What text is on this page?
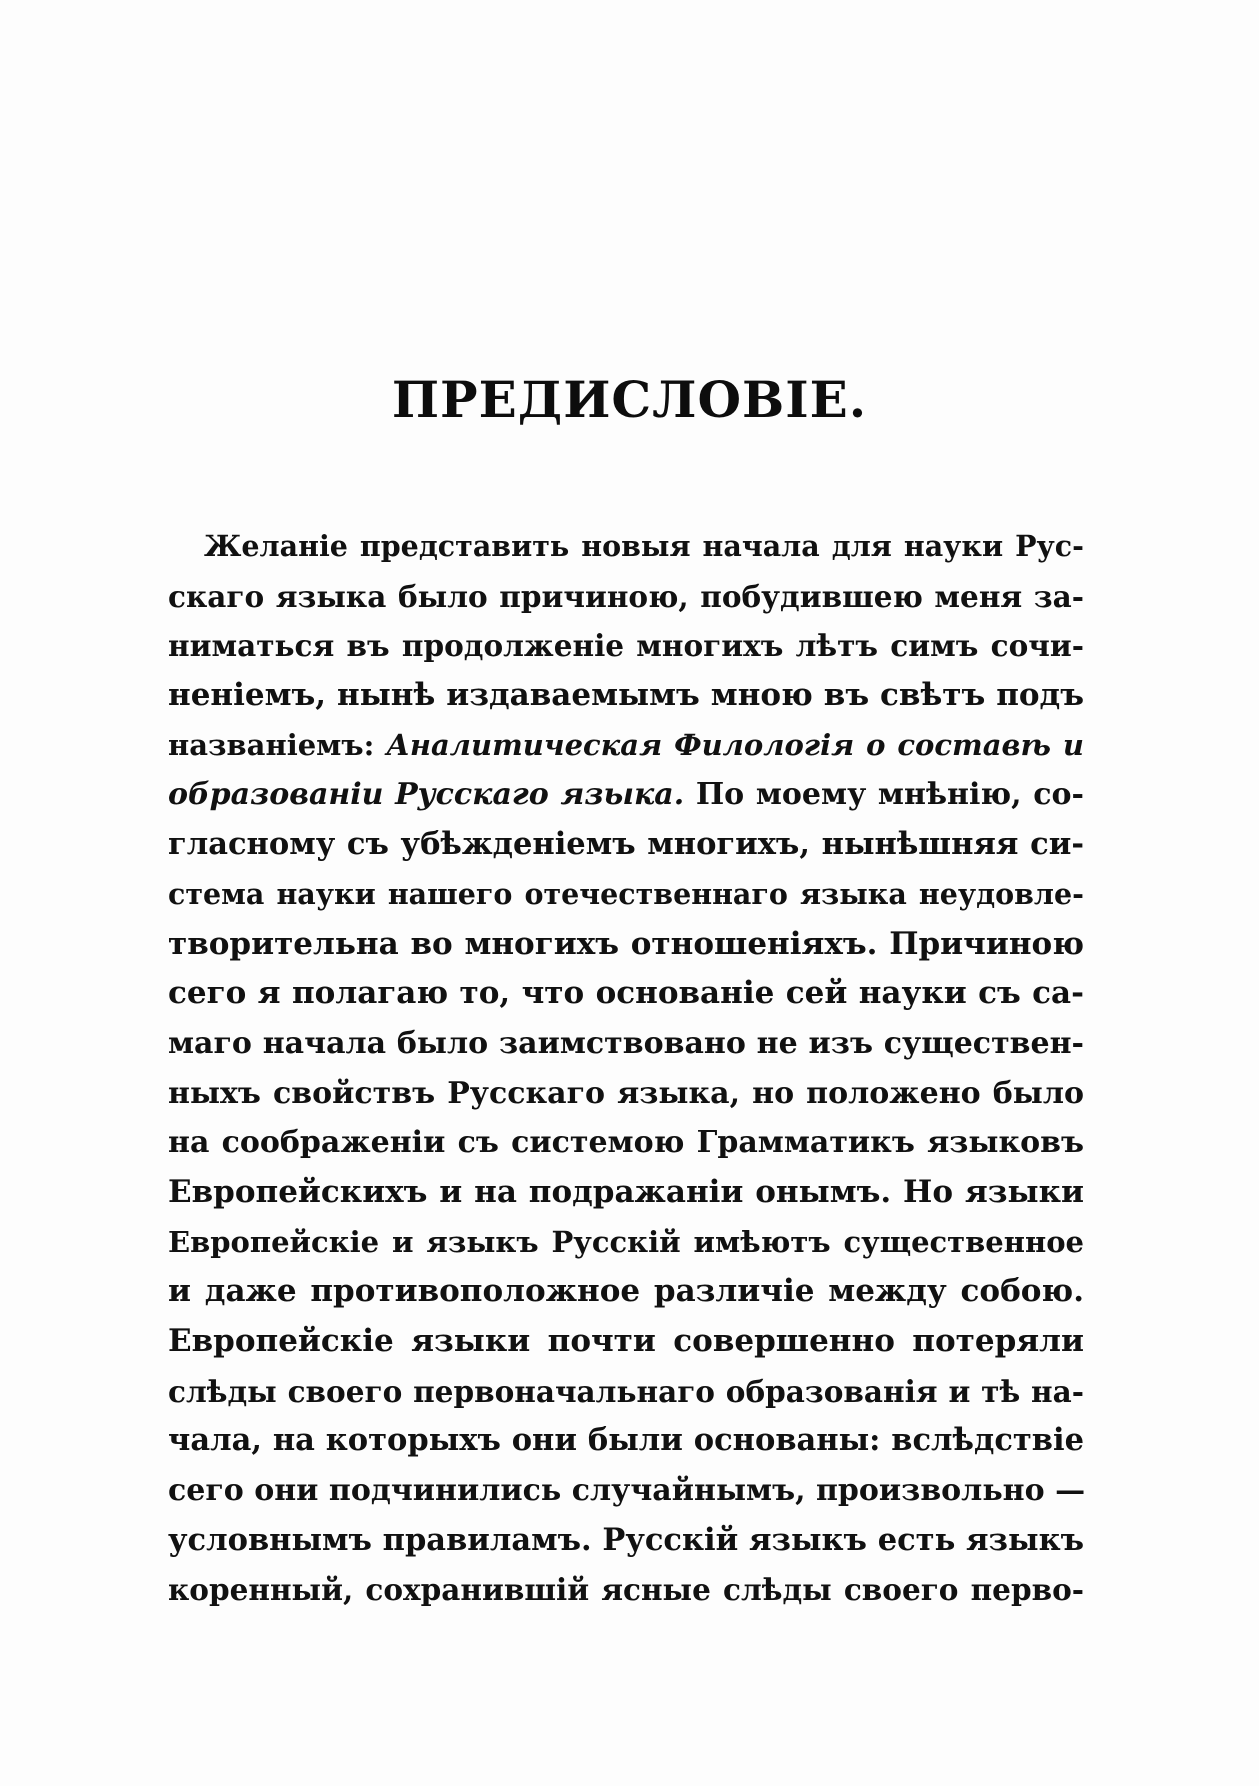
ПРЕДИСЛОВІЕ.
Желаніе представить новыя начала для науки Рус-
скаго языка было причиною, побудившею меня за-
ниматься въ продолженіе многихъ лѣтъ симъ сочи-
неніемъ, нынѣ издаваемымъ мною въ свѣтъ подъ
названіемъ: Аналитическая Филологія о составѣ и
образованіи Русскаго языка. По моему мнѣнію, со-
гласному съ убѣжденіемъ многихъ, нынѣшняя си-
стема науки нашего отечественнаго языка неудовле-
творительна во многихъ отношеніяхъ. Причиною
сего я полагаю то, что основаніе сей науки съ са-
маго начала было заимствовано не изъ существен-
ныхъ свойствъ Русскаго языка, но положено было
на соображеніи съ системою Грамматикъ языковъ
Европейскихъ и на подражаніи онымъ. Но языки
Европейскіе и языкъ Русскій имѣютъ существенное
и даже противоположное различіе между собою.
Европейскіе языки почти совершенно потеряли
слѣды своего первоначальнаго образованія и тѣ на-
чала, на которыхъ они были основаны: вслѣдствіе
сего они подчинились случайнымъ, произвольно —
условнымъ правиламъ. Русскій языкъ есть языкъ
коренный, сохранившій ясные слѣды своего перво-
